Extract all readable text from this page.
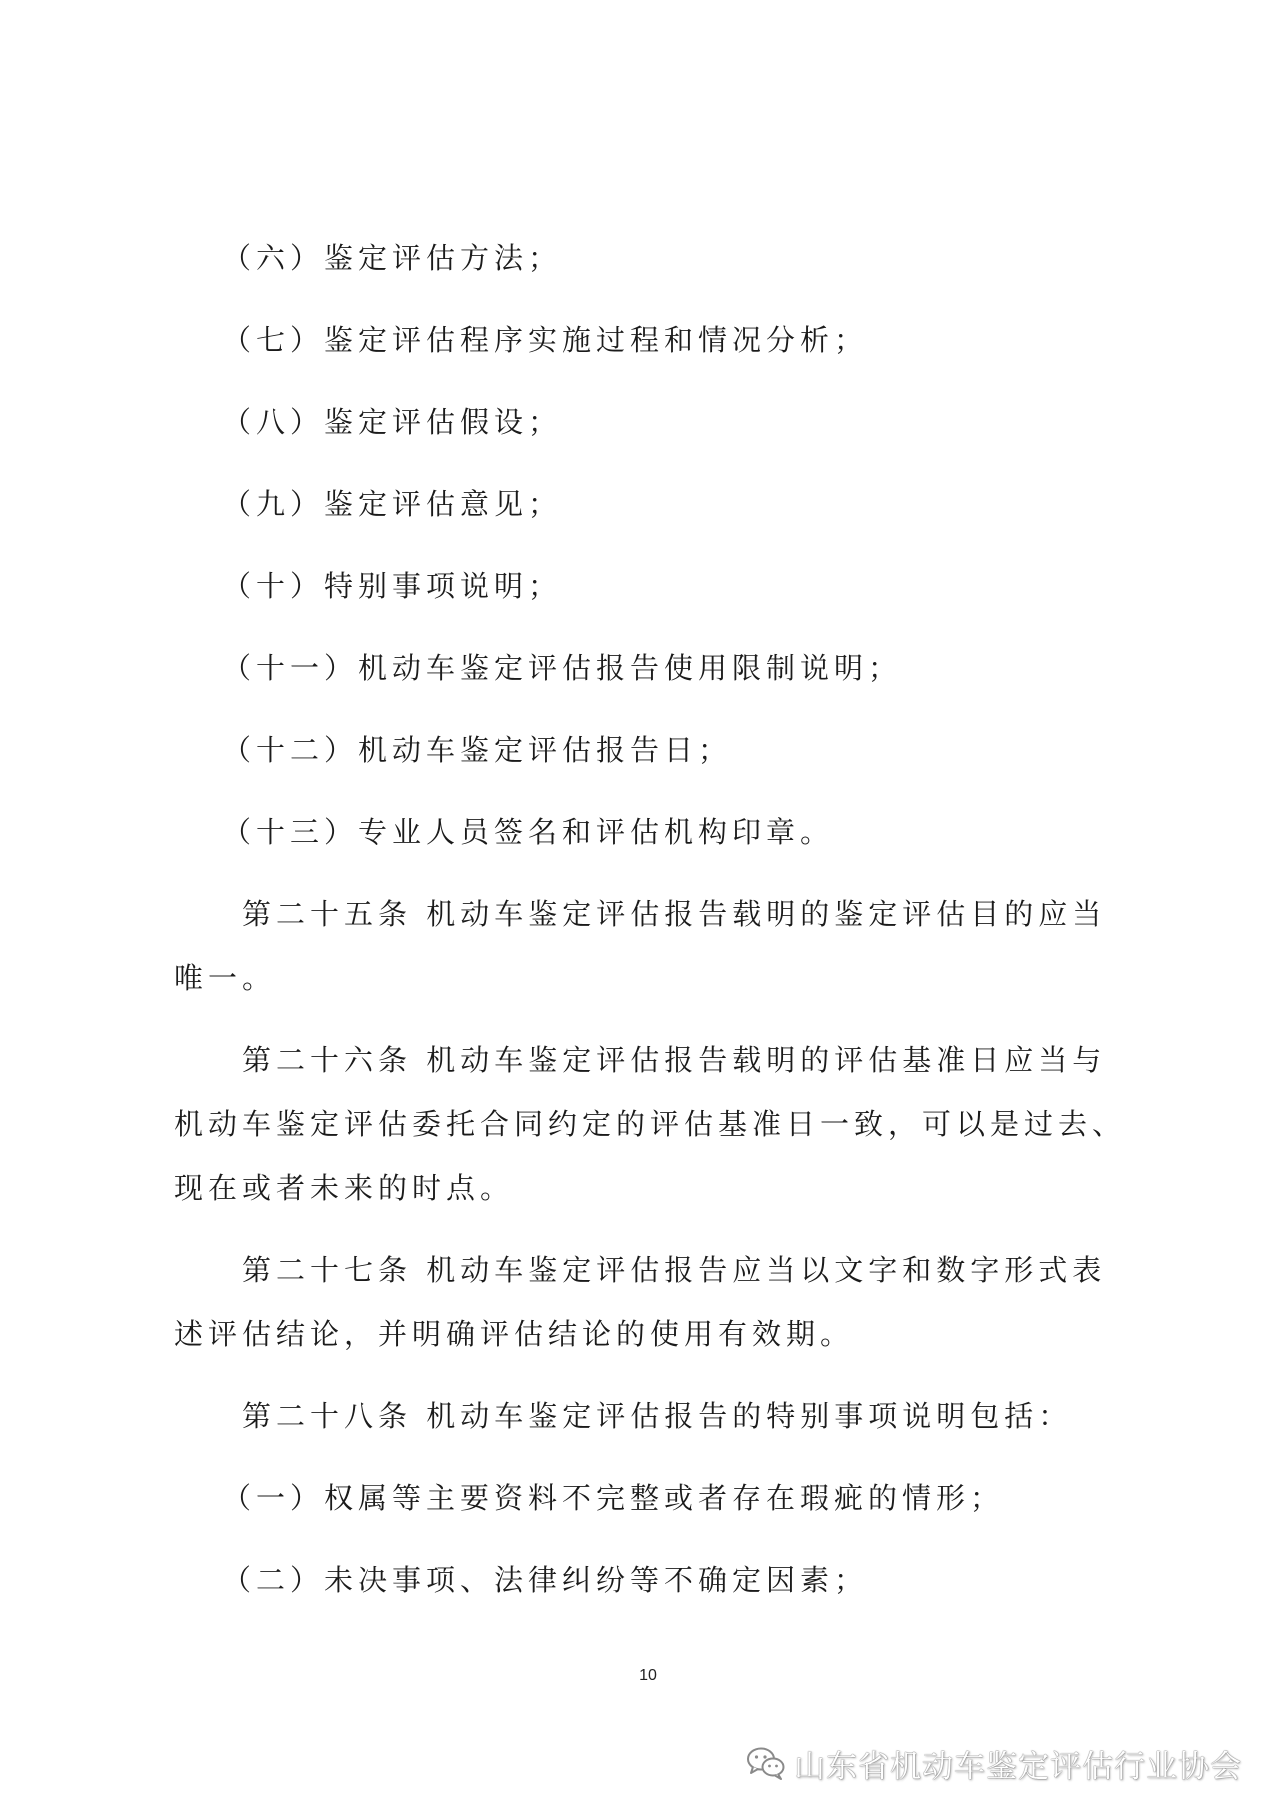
（六）鉴定评估方法；
（七）鉴定评估程序实施过程和情况分析；
（八）鉴定评估假设；
（九）鉴定评估意见；
（十）特别事项说明；
（十一）机动车鉴定评估报告使用限制说明；
（十二）机动车鉴定评估报告日；
（十三）专业人员签名和评估机构印章。
第二十五条 机动车鉴定评估报告载明的鉴定评估目的应当
唯一。
第二十六条 机动车鉴定评估报告载明的评估基准日应当与
机动车鉴定评估委托合同约定的评估基准日一致，可以是过去、
现在或者未来的时点。
第二十七条 机动车鉴定评估报告应当以文字和数字形式表
述评估结论，并明确评估结论的使用有效期。
第二十八条 机动车鉴定评估报告的特别事项说明包括：
（一）权属等主要资料不完整或者存在瑕疵的情形；
（二）未决事项、法律纠纷等不确定因素；
10
山东省机动车鉴定评估行业协会
